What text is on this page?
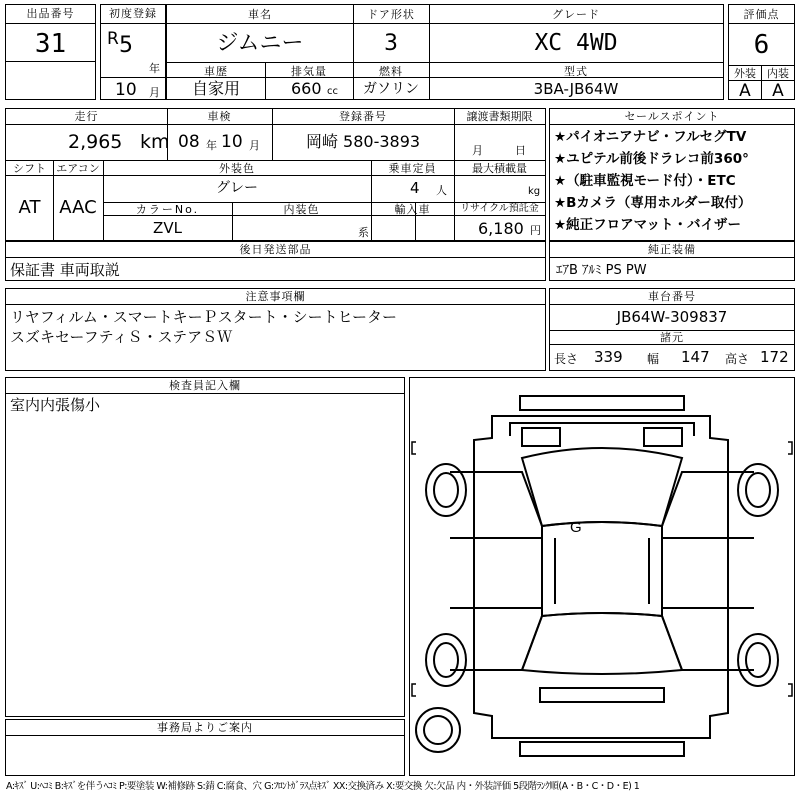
出品番号
31
初度登録
R 5
年
10 月
車名
ジムニー
ドア形状
3
グレード
XC 4WD
車歴
自家用
排気量
660 cc
燃料
ガソリン
型式
3BA-JB64W
評価点
6
外装	内装
A	A
走行
2,965 km
車検
08 年 10 月
登録番号
岡崎 580-3893
譲渡書類期限
月	日
シフト
AT
エアコン
AAC
外装色
グレー
乗車定員
4 人
最大積載量
kg
カラーNo.
ZVL
内装色
系
輸入車	リサイクル預託金
6,180 円
セールスポイント
★パイオニアナビ・フルセグTV
★ユピテル前後ドラレコ前360°
★（駐車監視モード付）・ETC
★Bカメラ（専用ホルダー取付）
★純正フロアマット・バイザー
後日発送部品
保証書 車両取説
純正装備
ｴｱB ｱﾙﾐ PS PW
注意事項欄
リヤフィルム・スマートキーＰスタート・シートヒーター
スズキセーフティＳ・ステアＳＷ
車台番号
JB64W-309837
諸元
長さ 339 幅 147 高さ 172
検査員記入欄
室内内張傷小
事務局よりご案内
G
A:ｷｽﾞ U:ﾍｺﾐ B:ｷｽﾞを伴うﾍｺﾐ P:要塗装 W:補修跡 S:錆 C:腐食、穴 G:ﾌﾛﾝﾄｶﾞﾗｽ点ｷｽﾞ XX:交換済み X:要交換 欠:欠品 内・外装評価 5段階ﾗﾝｸ順(A・B・C・D・E) 1
